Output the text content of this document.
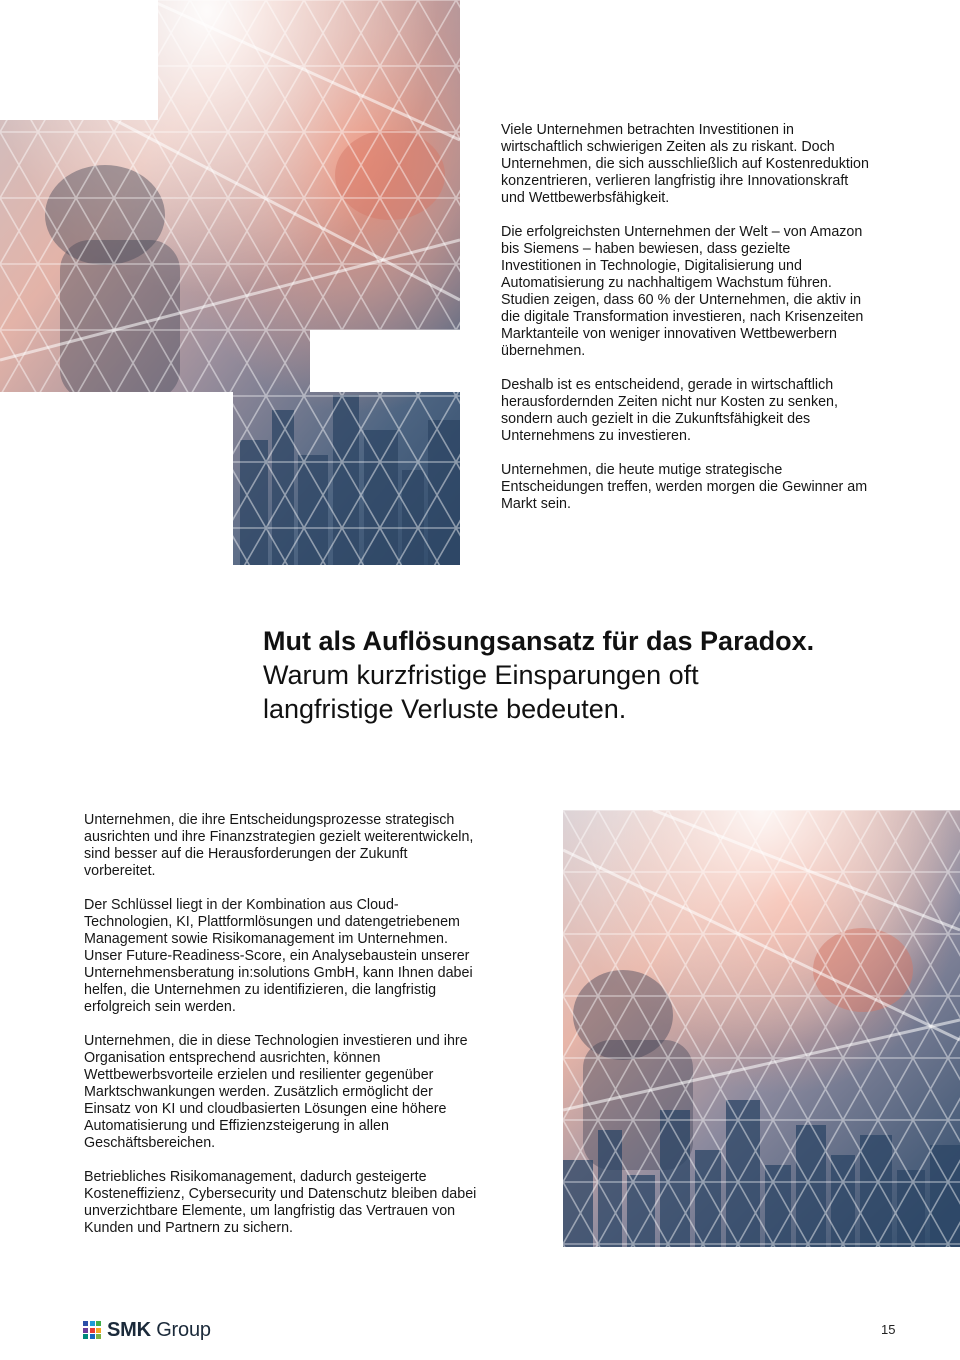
Viele Unternehmen betrachten Investitionen in wirtschaftlich schwierigen Zeiten als zu riskant. Doch Unternehmen, die sich ausschließlich auf Kostenreduktion konzentrieren, verlieren langfristig ihre Innovationskraft und Wettbewerbsfähigkeit.

Die erfolgreichsten Unternehmen der Welt – von Amazon bis Siemens – haben bewiesen, dass gezielte Investitionen in Technologie, Digitalisierung und Automatisierung zu nachhaltigem Wachstum führen. Studien zeigen, dass 60 % der Unternehmen, die aktiv in die digitale Transformation investieren, nach Krisenzeiten Marktanteile von weniger innovativen Wettbewerbern übernehmen.

Deshalb ist es entscheidend, gerade in wirtschaftlich herausfordernden Zeiten nicht nur Kosten zu senken, sondern auch gezielt in die Zukunftsfähigkeit des Unternehmens zu investieren.

Unternehmen, die heute mutige strategische Entscheidungen treffen, werden morgen die Gewinner am Markt sein.

Mut als Auflösungsansatz für das Paradox.
Warum kurzfristige Einsparungen oft
langfristige Verluste bedeuten.

Unternehmen, die ihre Entscheidungsprozesse strategisch ausrichten und ihre Finanzstrategien gezielt weiterentwickeln, sind besser auf die Herausforderungen der Zukunft vorbereitet.

Der Schlüssel liegt in der Kombination aus Cloud-Technologien, KI, Plattformlösungen und datengetriebenem Management sowie Risikomanagement im Unternehmen. Unser Future-Readiness-Score, ein Analysebaustein unserer Unternehmensberatung in:solutions GmbH, kann Ihnen dabei helfen, die Unternehmen zu identifizieren, die langfristig erfolgreich sein werden.

Unternehmen, die in diese Technologien investieren und ihre Organisation entsprechend ausrichten, können Wettbewerbsvorteile erzielen und resilienter gegenüber Marktschwankungen werden. Zusätzlich ermöglicht der Einsatz von KI und cloudbasierten Lösungen eine höhere Automatisierung und Effizienzsteigerung in allen Geschäftsbereichen.

Betriebliches Risikomanagement, dadurch gesteigerte Kosteneffizienz, Cybersecurity und Datenschutz bleiben dabei unverzichtbare Elemente, um langfristig das Vertrauen von Kunden und Partnern zu sichern.

SMK Group	15
